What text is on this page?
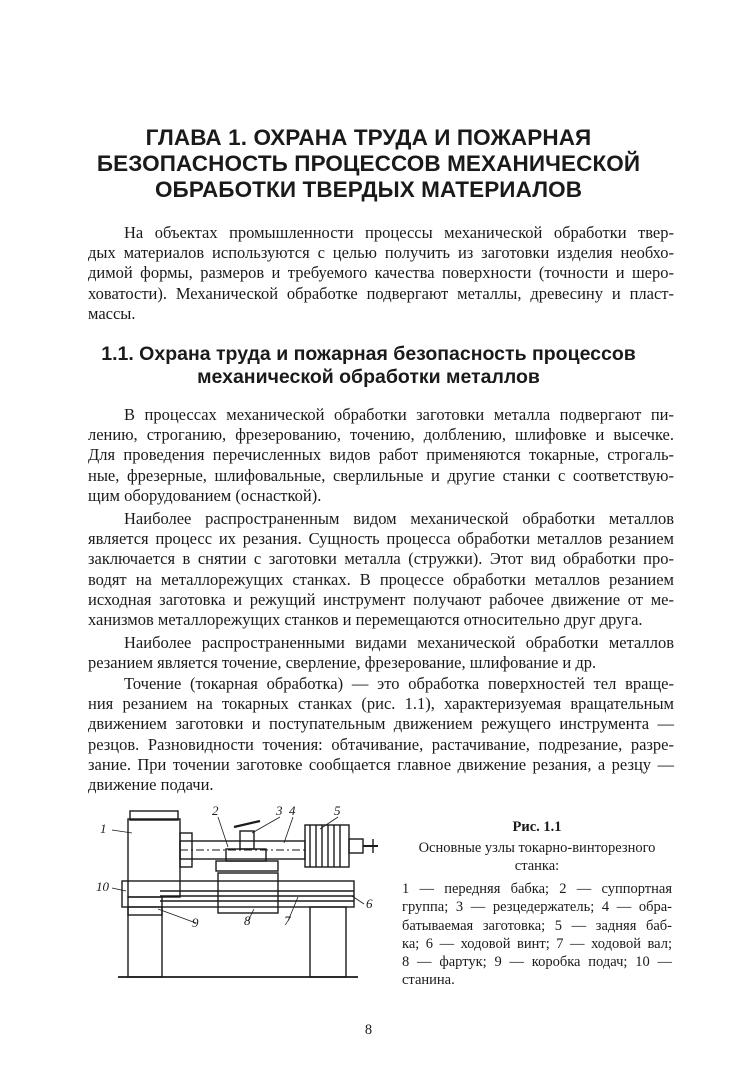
ГЛАВА 1. ОХРАНА ТРУДА И ПОЖАРНАЯ
БЕЗОПАСНОСТЬ ПРОЦЕССОВ МЕХАНИЧЕСКОЙ
ОБРАБОТКИ ТВЕРДЫХ МАТЕРИАЛОВ
На объектах промышленности процессы механической обработки твер-
дых материалов используются с целью получить из заготовки изделия необхо-
димой формы, размеров и требуемого качества поверхности (точности и шеро-
ховатости). Механической обработке подвергают металлы, древесину и пласт-
массы.
1.1. Охрана труда и пожарная безопасность процессов
механической обработки металлов
В процессах механической обработки заготовки металла подвергают пи-
лению, строганию, фрезерованию, точению, долблению, шлифовке и высечке.
Для проведения перечисленных видов работ применяются токарные, строгаль-
ные, фрезерные, шлифовальные, сверлильные и другие станки с соответствую-
щим оборудованием (оснасткой).
Наиболее распространенным видом механической обработки металлов
является процесс их резания. Сущность процесса обработки металлов резанием
заключается в снятии с заготовки металла (стружки). Этот вид обработки про-
водят на металлорежущих станках. В процессе обработки металлов резанием
исходная заготовка и режущий инструмент получают рабочее движение от ме-
ханизмов металлорежущих станков и перемещаются относительно друг друга.
Наиболее распространенными видами механической обработки металлов
резанием является точение, сверление, фрезерование, шлифование и др.
Точение (токарная обработка) — это обработка поверхностей тел враще-
ния резанием на токарных станках (рис. 1.1), характеризуемая вращательным
движением заготовки и поступательным движением режущего инструмента —
резцов. Разновидности точения: обтачивание, растачивание, подрезание, разре-
зание. При точении заготовке сообщается главное движение резания, а резцу —
движение подачи.
1
2	3 4	5
6
7
8
9
10
Рис. 1.1
Основные узлы токарно-винторезного
станка:
1 — передняя бабка; 2 — суппортная
группа; 3 — резцедержатель; 4 — обра-
батываемая заготовка; 5 — задняя баб-
ка; 6 — ходовой винт; 7 — ходовой вал;
8 — фартук; 9 — коробка подач; 10 —
станина.
8
